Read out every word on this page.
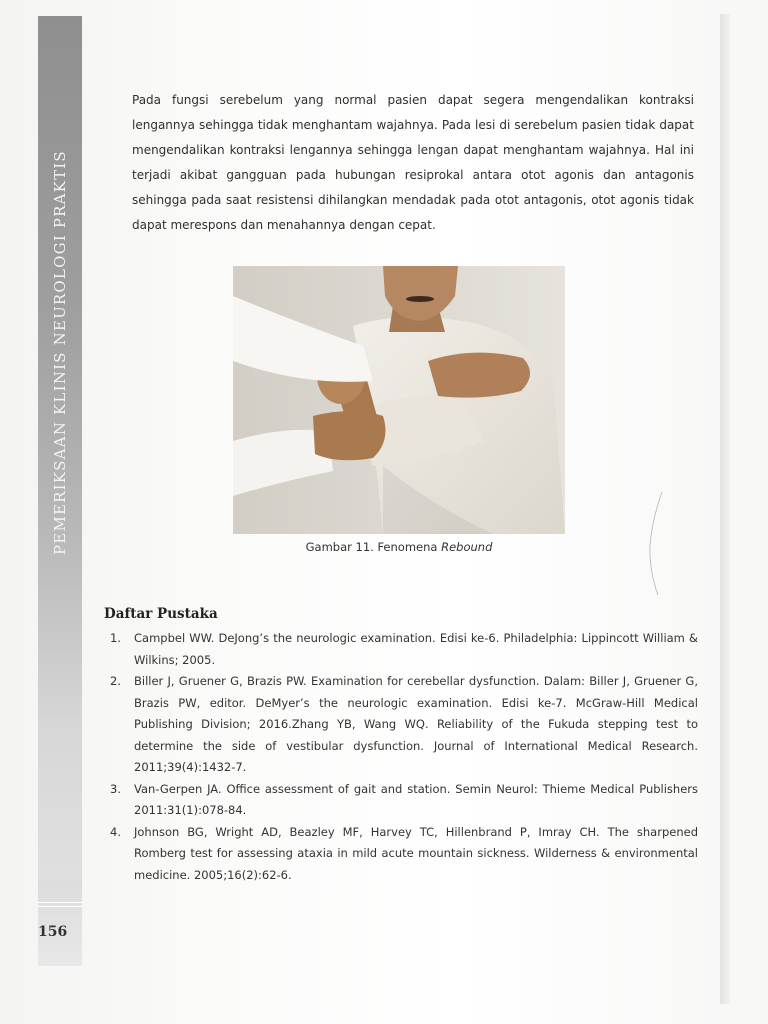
PEMERIKSAAN KLINIS NEUROLOGI PRAKTIS
156

Pada fungsi serebelum yang normal pasien dapat segera mengendalikan kontraksi lengannya sehingga tidak menghantam wajahnya. Pada lesi di serebelum pasien tidak dapat mengendalikan kontraksi lengannya sehingga lengan dapat menghantam wajahnya. Hal ini terjadi akibat gangguan pada hubungan resiprokal antara otot agonis dan antagonis sehingga pada saat resistensi dihilangkan mendadak pada otot antagonis, otot agonis tidak dapat merespons dan menahannya dengan cepat.

Gambar 11. Fenomena Rebound
Daftar Pustaka
1. Campbel WW. DeJong’s the neurologic examination. Edisi ke-6. Philadelphia: Lippincott William & Wilkins; 2005.
2. Biller J, Gruener G, Brazis PW. Examination for cerebellar dysfunction. Dalam: Biller J, Gruener G, Brazis PW, editor. DeMyer’s the neurologic examination. Edisi ke-7. McGraw-Hill Medical Publishing Division; 2016.Zhang YB, Wang WQ. Reliability of the Fukuda stepping test to determine the side of vestibular dysfunction. Journal of International Medical Research. 2011;39(4):1432-7.
3. Van-Gerpen JA. Office assessment of gait and station. Semin Neurol: Thieme Medical Publishers 2011:31(1):078-84.
4. Johnson BG, Wright AD, Beazley MF, Harvey TC, Hillenbrand P, Imray CH. The sharpened Romberg test for assessing ataxia in mild acute mountain sickness. Wilderness & environmental medicine. 2005;16(2):62-6.
